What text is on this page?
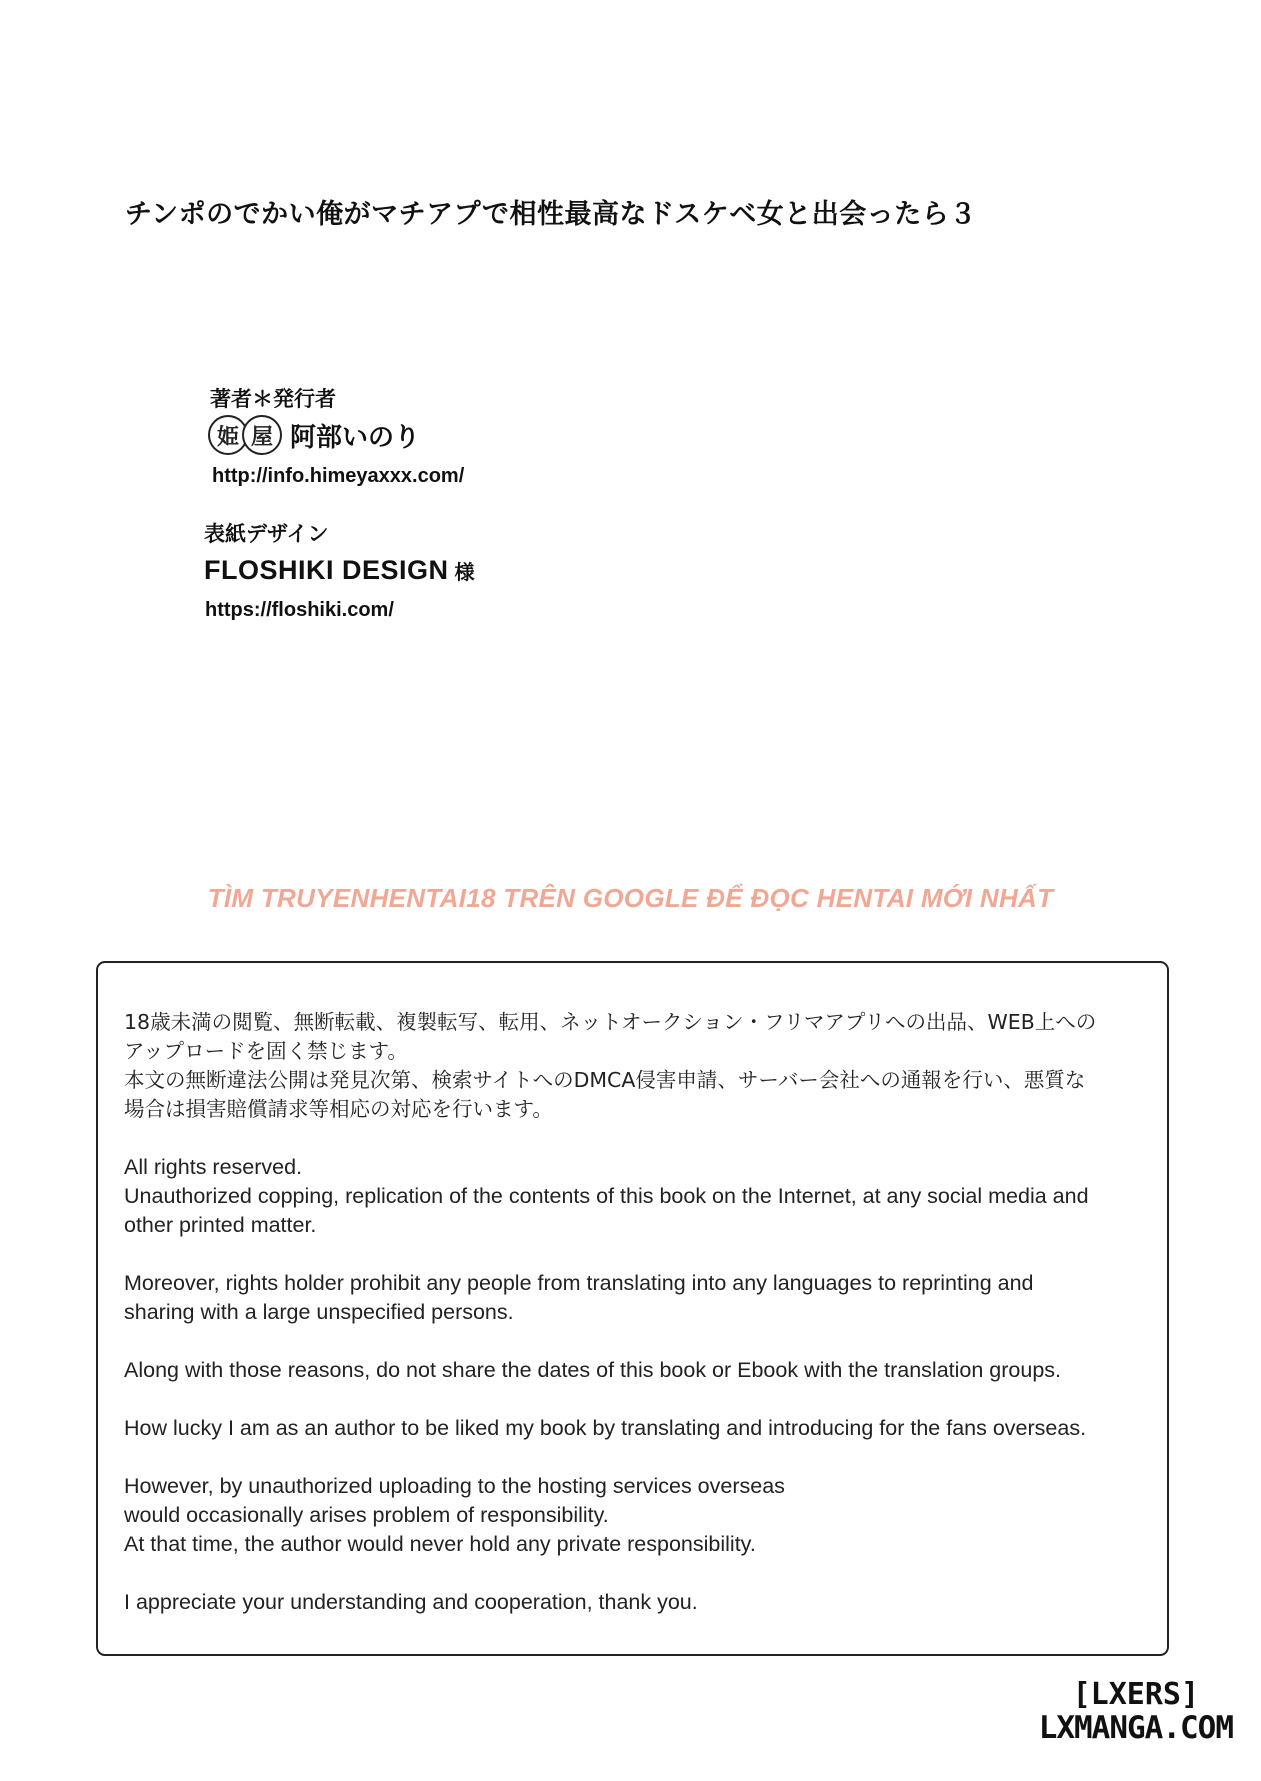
チンポのでかい俺がマチアプで相性最高なドスケベ女と出会ったら３
著者＊発行者
姫 屋 阿部いのり
http://info.himeyaxxx.com/
表紙デザイン
FLOSHIKI DESIGN 様
https://floshiki.com/
TÌM TRUYENHENTAI18 TRÊN GOOGLE ĐỂ ĐỌC HENTAI MỚI NHẤT

18歳未満の閲覧、無断転載、複製転写、転用、ネットオークション・フリマアプリへの出品、WEB上への
アップロードを固く禁じます。
本文の無断違法公開は発見次第、検索サイトへのDMCA侵害申請、サーバー会社への通報を行い、悪質な
場合は損害賠償請求等相応の対応を行います。

All rights reserved.
Unauthorized copping, replication of the contents of this book on the Internet, at any social media and
other printed matter.

Moreover, rights holder prohibit any people from translating into any languages to reprinting and
sharing with a large unspecified persons.

Along with those reasons, do not share the dates of this book or Ebook with the translation groups.

How lucky I am as an author to be liked my book by translating and introducing for the fans overseas.

However, by unauthorized uploading to the hosting services overseas
would occasionally arises problem of responsibility.
At that time, the author would never hold any private responsibility.

I appreciate your understanding and cooperation, thank you.

[LXERS]
LXMANGA.COM
